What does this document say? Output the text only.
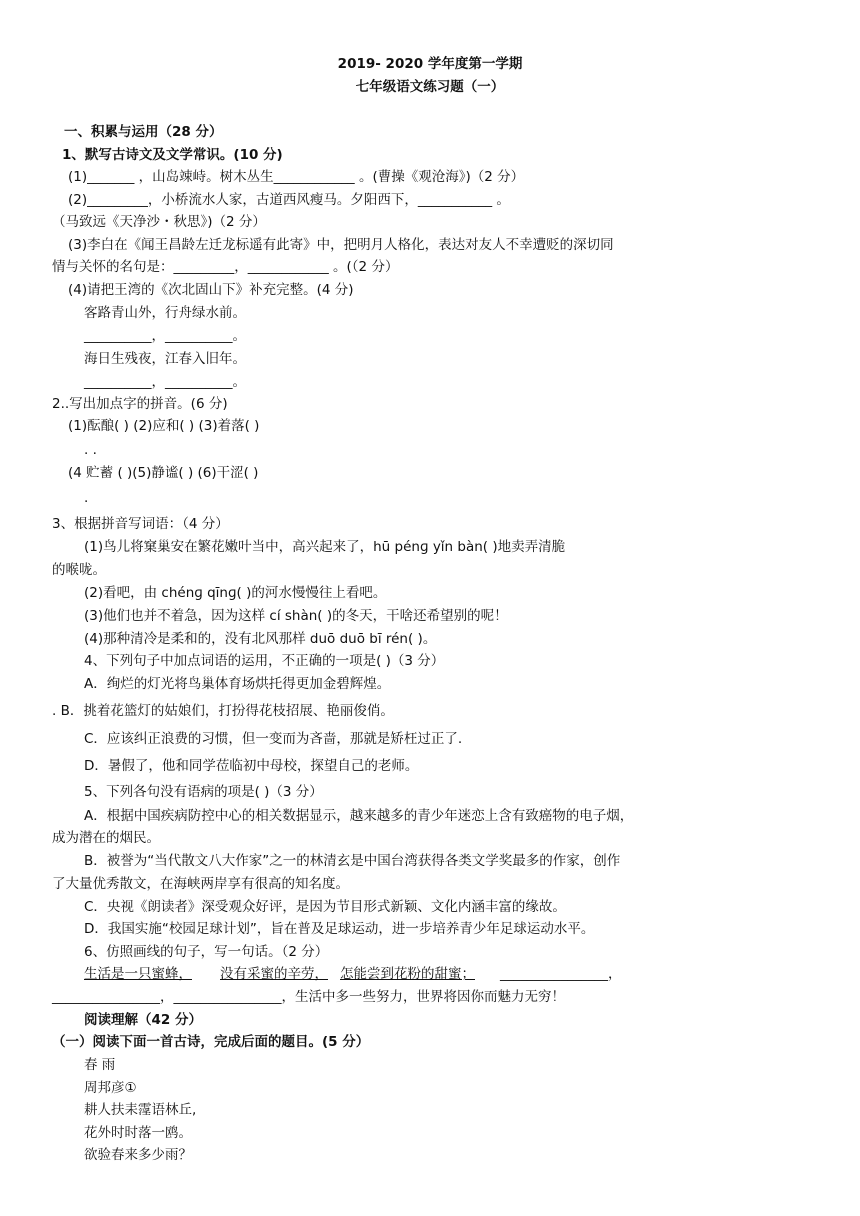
2019- 2020 学年度第一学期
七年级语文练习题（一）
一、积累与运用（28 分）
1、默写古诗文及文学常识。(10 分)
(1)_______ ，山岛竦峙。树木丛生____________ 。(曹操《观沧海》)（2 分）
(2)_________，小桥流水人家，古道西风瘦马。夕阳西下，___________ 。
（马致远《天净沙・秋思》)（2 分）
(3)李白在《闻王昌龄左迁龙标遥有此寄》中，把明月人格化，表达对友人不幸遭贬的深切同
情与关怀的名句是：_________，____________ 。(（2 分）
(4)请把王湾的《次北固山下》补充完整。(4 分)
客路青山外，行舟绿水前。
__________，__________。
海日生残夜，江春入旧年。
__________，__________。
2..写出加点字的拼音。(6 分)
(1)酝酿( ) (2)应和( ) (3)着落( )
. .
(4 贮蓄 ( )(5)静谧( ) (6)干涩( )
.
3、根据拼音写词语：（4 分）
(1)鸟儿将窠巢安在繁花嫩叶当中，高兴起来了，hū pénɡ yǐn bàn( )地卖弄清脆
的喉咙。
(2)看吧，由 chénɡ qīnɡ( )的河水慢慢往上看吧。
(3)他们也并不着急，因为这样 cí shàn( )的冬天，干啥还希望别的呢！
(4)那种清冷是柔和的，没有北风那样 duō duō bī rén( )。
4、下列句子中加点词语的运用，不正确的一项是( )（3 分）
A．绚烂的灯光将鸟巢体育场烘托得更加金碧辉煌。
. B．挑着花篮灯的姑娘们，打扮得花枝招展、艳丽俊俏。
C．应该纠正浪费的习惯，但一变而为吝啬，那就是矫枉过正了.
D．暑假了，他和同学莅临初中母校，探望自己的老师。
5、下列各句没有语病的项是( )（3 分）
A．根据中国疾病防控中心的相关数据显示，越来越多的青少年迷恋上含有致癌物的电子烟，
成为潜在的烟民。
B．被誉为“当代散文八大作家”之一的林清玄是中国台湾获得各类文学奖最多的作家，创作
了大量优秀散文，在海峡两岸享有很高的知名度。
C．央视《朗读者》深受观众好评，是因为节目形式新颖、文化内涵丰富的缘故。
D．我国实施“校园足球计划”，旨在普及足球运动，进一步培养青少年足球运动水平。
6、仿照画线的句子，写一句话。（2 分）
生活是一只蜜蜂， 没有采蜜的辛劳， 怎能尝到花粉的甜蜜； ________________，
________________，________________，生活中多一些努力，世界将因你而魅力无穷！
阅读理解（42 分）
（一）阅读下面一首古诗，完成后面的题目。(5 分）
春 雨
周邦彦①
耕人扶耒霪语林丘,
花外时时落一鸥。
欲验春来多少雨？
